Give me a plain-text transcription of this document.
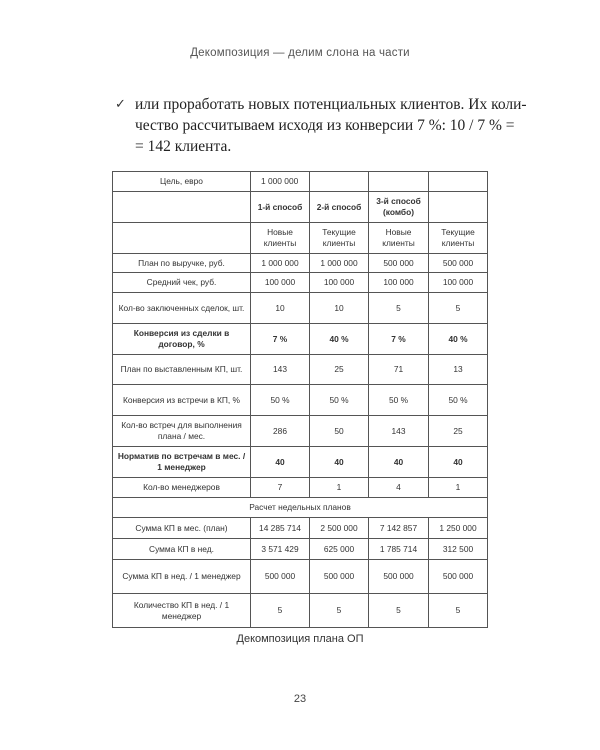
Декомпозиция — делим слона на части
✓ или проработать новых потенциальных клиентов. Их коли-
чество рассчитываем исходя из конверсии 7 %: 10 / 7 % =
= 142 клиента.
Цель, евро	1 000 000			
	1-й способ	2-й способ	3-й способ (комбо)	
	Новые клиенты	Текущие клиенты	Новые клиенты	Текущие клиенты
План по выручке, руб.	1 000 000	1 000 000	500 000	500 000
Средний чек, руб.	100 000	100 000	100 000	100 000
Кол-во заключенных сделок, шт.	10	10	5	5
Конверсия из сделки в договор, %	7 %	40 %	7 %	40 %
План по выставленным КП, шт.	143	25	71	13
Конверсия из встречи в КП, %	50 %	50 %	50 %	50 %
Кол-во встреч для выполнения плана / мес.	286	50	143	25
Норматив по встречам в мес. / 1 менеджер	40	40	40	40
Кол-во менеджеров	7	1	4	1
Расчет недельных планов				
Сумма КП в мес. (план)	14 285 714	2 500 000	7 142 857	1 250 000
Сумма КП в нед.	3 571 429	625 000	1 785 714	312 500
Сумма КП в нед. / 1 менеджер	500 000	500 000	500 000	500 000
Количество КП в нед. / 1 менеджер	5	5	5	5
Декомпозиция плана ОП
23
